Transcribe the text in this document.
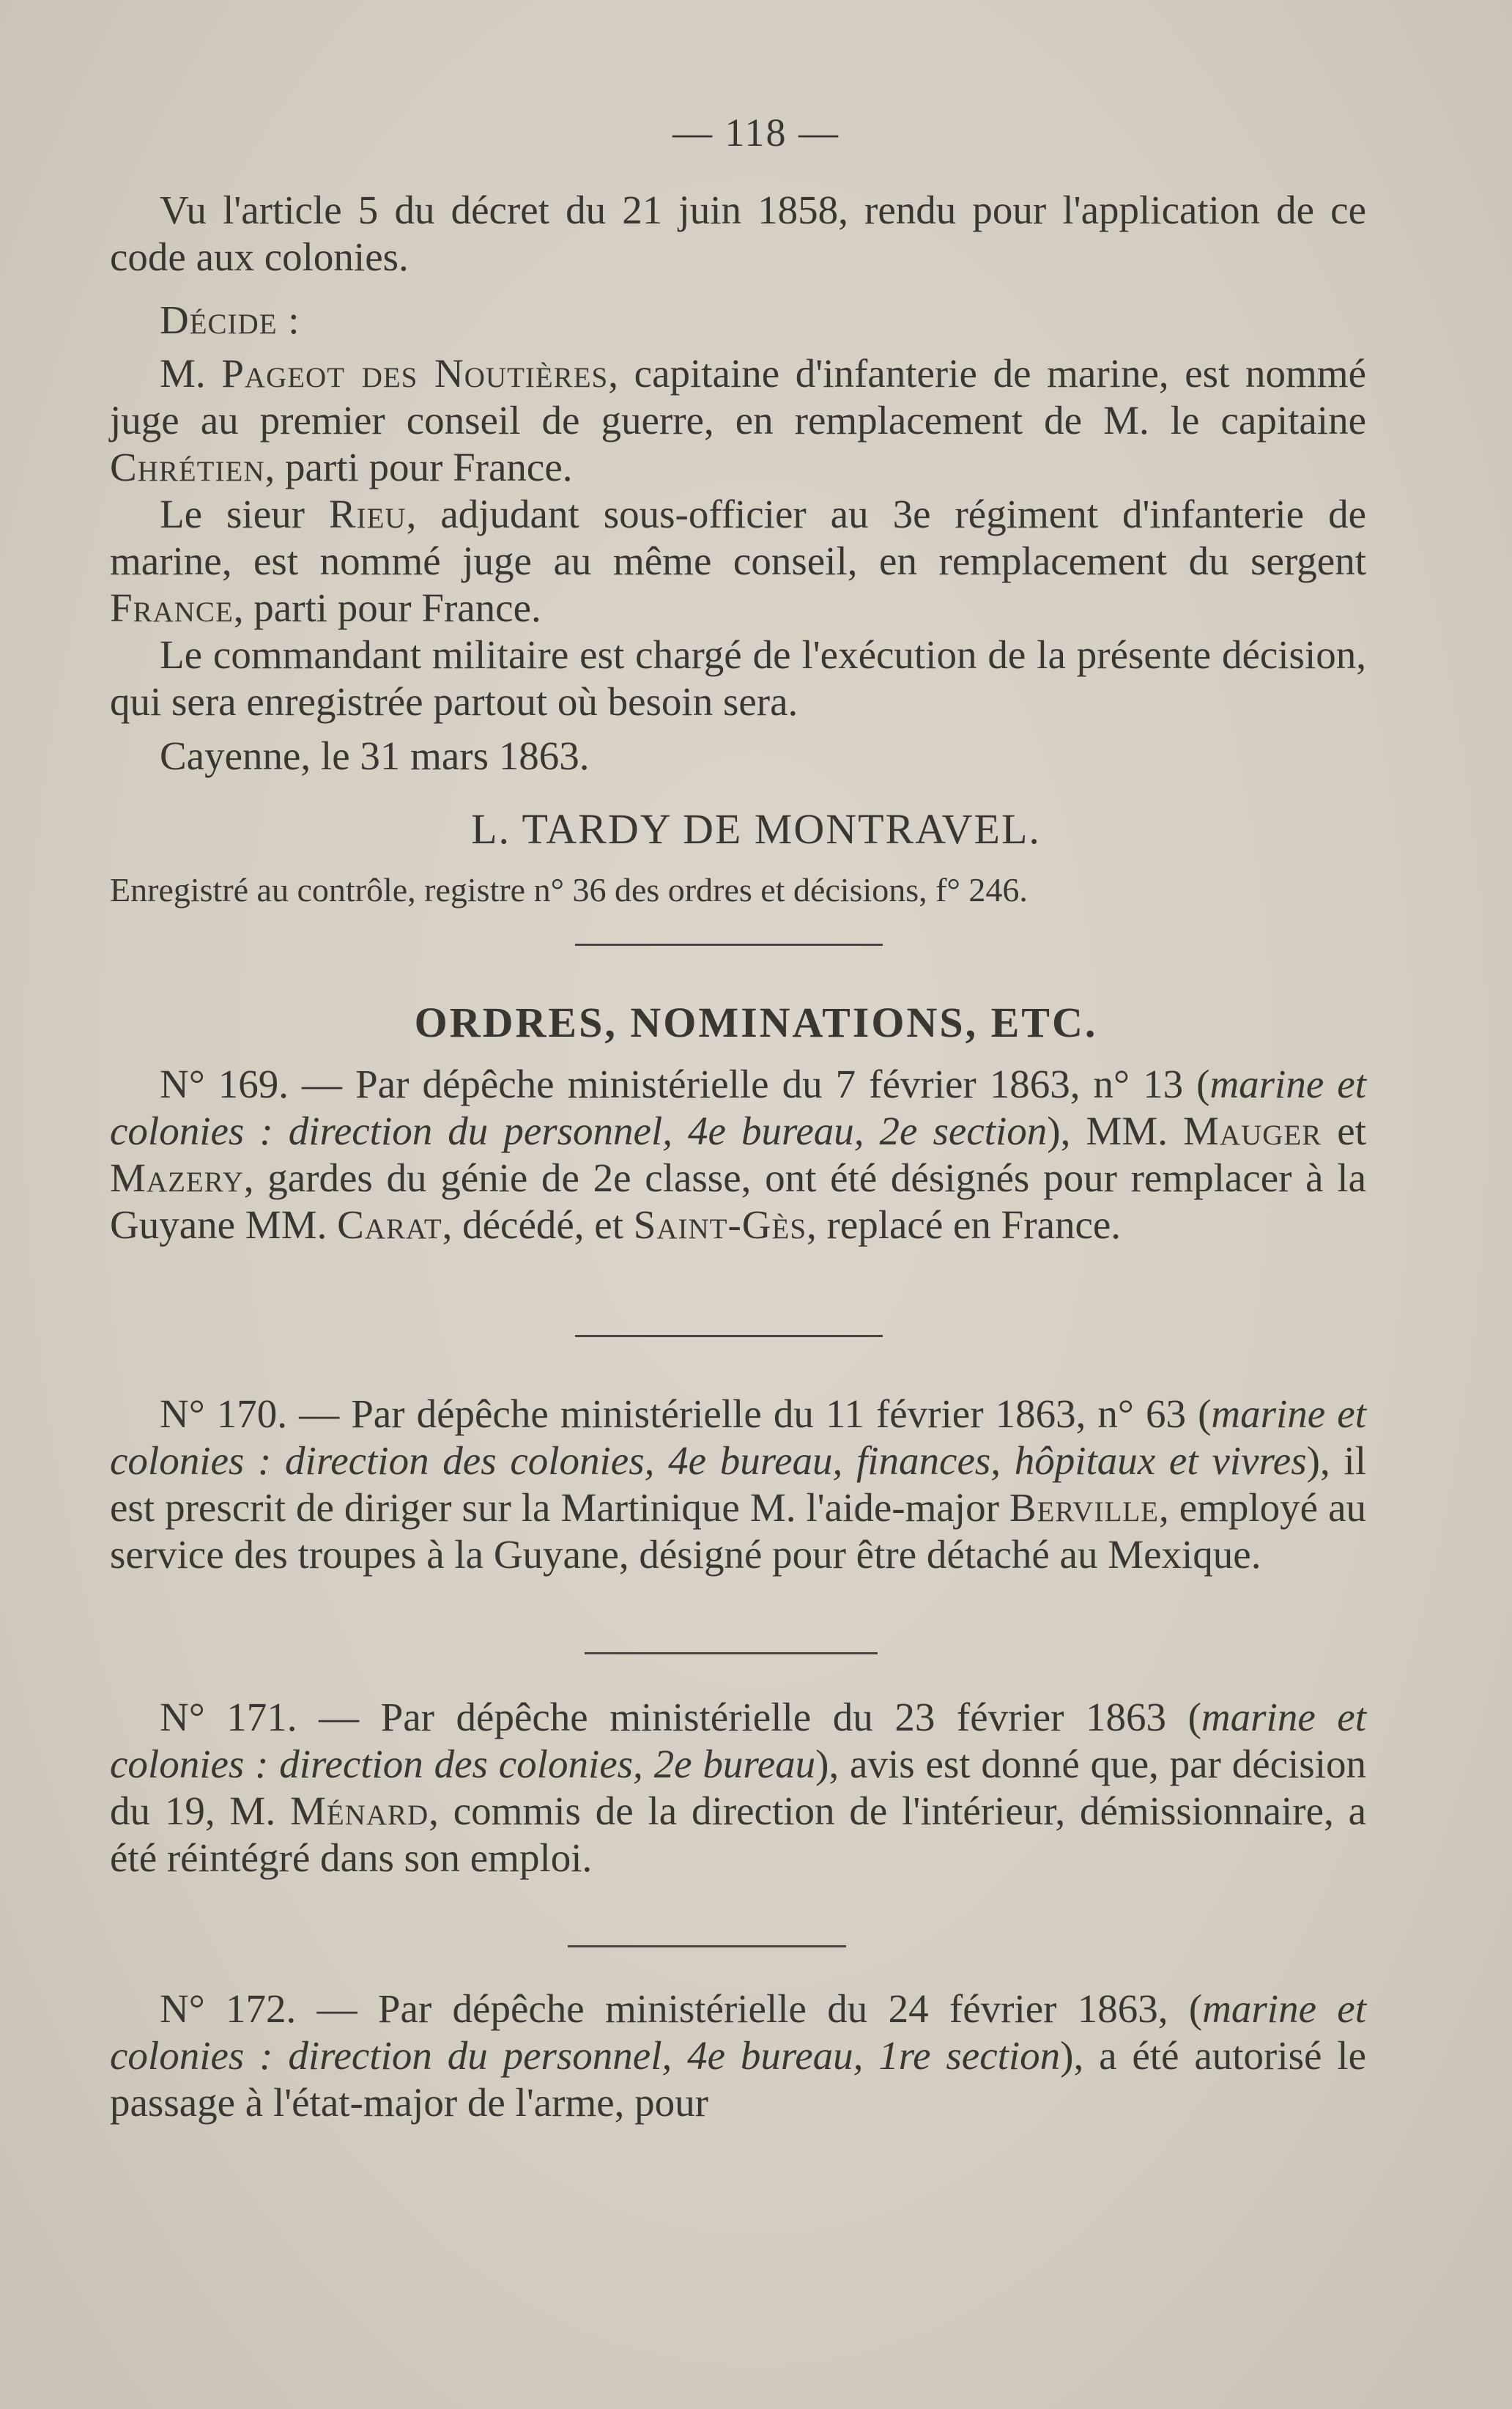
— 118 —
Vu l'article 5 du décret du 21 juin 1858, rendu pour l'application de ce code aux colonies.
Décide :
M. Pageot des Noutières, capitaine d'infanterie de marine, est nommé juge au premier conseil de guerre, en remplacement de M. le capitaine Chrétien, parti pour France.
Le sieur Rieu, adjudant sous-officier au 3e régiment d'infanterie de marine, est nommé juge au même conseil, en remplacement du sergent France, parti pour France.
Le commandant militaire est chargé de l'exécution de la présente décision, qui sera enregistrée partout où besoin sera.
Cayenne, le 31 mars 1863.
L. TARDY DE MONTRAVEL.
Enregistré au contrôle, registre n° 36 des ordres et décisions, f° 246.
ORDRES, NOMINATIONS, ETC.
N° 169. — Par dépêche ministérielle du 7 février 1863, n° 13 (marine et colonies : direction du personnel, 4e bureau, 2e section), MM. Mauger et Mazery, gardes du génie de 2e classe, ont été désignés pour remplacer à la Guyane MM. Carat, décédé, et Saint-Gès, replacé en France.
N° 170. — Par dépêche ministérielle du 11 février 1863, n° 63 (marine et colonies : direction des colonies, 4e bureau, finances, hôpitaux et vivres), il est prescrit de diriger sur la Martinique M. l'aide-major Berville, employé au service des troupes à la Guyane, désigné pour être détaché au Mexique.
N° 171. — Par dépêche ministérielle du 23 février 1863 (marine et colonies : direction des colonies, 2e bureau), avis est donné que, par décision du 19, M. Ménard, commis de la direction de l'intérieur, démissionnaire, a été réintégré dans son emploi.
N° 172. — Par dépêche ministérielle du 24 février 1863, (marine et colonies : direction du personnel, 4e bureau, 1re section), a été autorisé le passage à l'état-major de l'arme, pour
